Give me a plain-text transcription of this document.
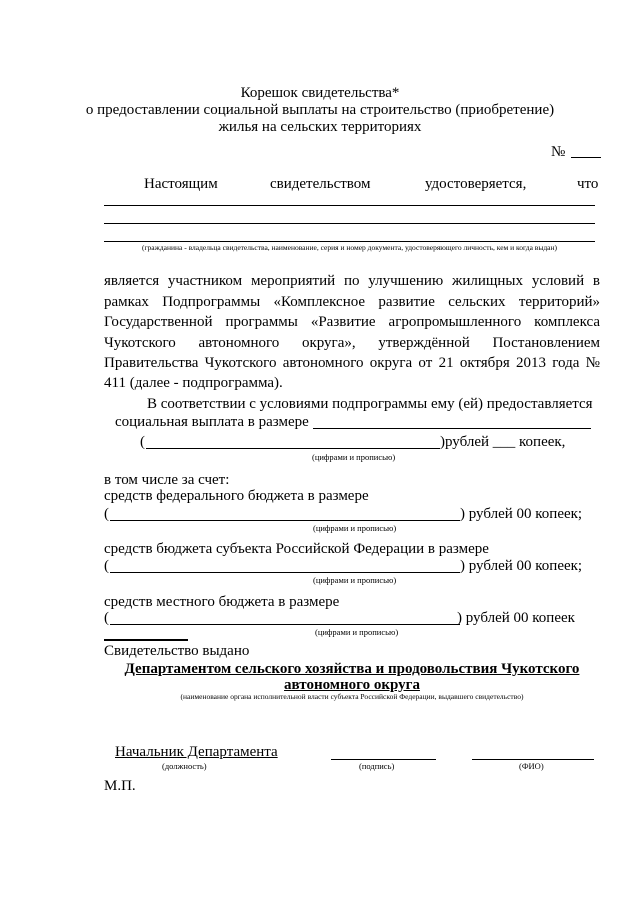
Корешок свидетельства*
о предоставлении социальной выплаты на строительство (приобретение)
жилья на сельских территориях
№
Настоящим	свидетельством	удостоверяется,	что
(гражданина - владельца свидетельства, наименование, серия и номер документа, удостоверяющего личность, кем и когда выдан)
является участником мероприятий по улучшению жилищных условий в
рамках Подпрограммы «Комплексное развитие сельских территорий»
Государственной программы «Развитие агропромышленного комплекса
Чукотского автономного округа», утверждённой Постановлением
Правительства Чукотского автономного округа от 21 октября 2013 года №
411 (далее - подпрограмма).
В соответствии с условиями подпрограммы ему (ей) предоставляется
социальная выплата в размере
(	)рублей ___ копеек,
(цифрами и прописью)
в том числе за счет:
средств федерального бюджета в размере
(	) рублей 00 копеек;
(цифрами и прописью)
средств бюджета субъекта Российской Федерации в размере
(	) рублей 00 копеек;
(цифрами и прописью)
средств местного бюджета в размере
(	) рублей 00 копеек
(цифрами и прописью)
Свидетельство выдано
Департаментом сельского хозяйства и продовольствия Чукотского
автономного округа
(наименование органа исполнительной власти субъекта Российской Федерации, выдавшего свидетельство)
Начальник Департамента
(должность)	(подпись)	(ФИО)
М.П.
